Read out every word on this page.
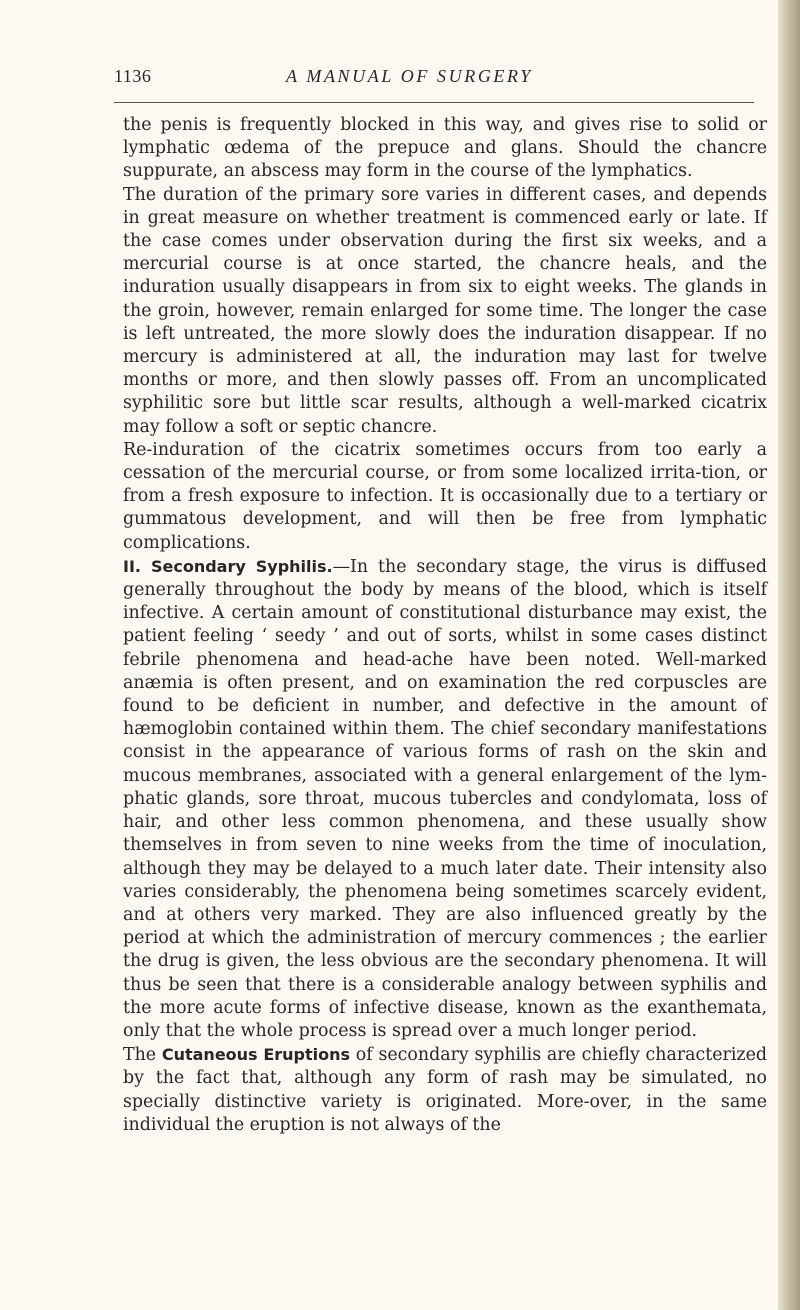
1136	A MANUAL OF SURGERY

the penis is frequently blocked in this way, and gives rise to solid or lymphatic œdema of the prepuce and glans. Should the chancre suppurate, an abscess may form in the course of the lymphatics.

The duration of the primary sore varies in different cases, and depends in great measure on whether treatment is commenced early or late. If the case comes under observation during the first six weeks, and a mercurial course is at once started, the chancre heals, and the induration usually disappears in from six to eight weeks. The glands in the groin, however, remain enlarged for some time. The longer the case is left untreated, the more slowly does the induration disappear. If no mercury is administered at all, the induration may last for twelve months or more, and then slowly passes off. From an uncomplicated syphilitic sore but little scar results, although a well-marked cicatrix may follow a soft or septic chancre.

Re-induration of the cicatrix sometimes occurs from too early a cessation of the mercurial course, or from some localized irrita-tion, or from a fresh exposure to infection. It is occasionally due to a tertiary or gummatous development, and will then be free from lymphatic complications.

II. Secondary Syphilis.—In the secondary stage, the virus is diffused generally throughout the body by means of the blood, which is itself infective. A certain amount of constitutional disturbance may exist, the patient feeling ‘ seedy ’ and out of sorts, whilst in some cases distinct febrile phenomena and head-ache have been noted. Well-marked anæmia is often present, and on examination the red corpuscles are found to be deficient in number, and defective in the amount of hæmoglobin contained within them. The chief secondary manifestations consist in the appearance of various forms of rash on the skin and mucous membranes, associated with a general enlargement of the lym-phatic glands, sore throat, mucous tubercles and condylomata, loss of hair, and other less common phenomena, and these usually show themselves in from seven to nine weeks from the time of inoculation, although they may be delayed to a much later date. Their intensity also varies considerably, the phenomena being sometimes scarcely evident, and at others very marked. They are also influenced greatly by the period at which the administration of mercury commences ; the earlier the drug is given, the less obvious are the secondary phenomena. It will thus be seen that there is a considerable analogy between syphilis and the more acute forms of infective disease, known as the exanthemata, only that the whole process is spread over a much longer period.

The Cutaneous Eruptions of secondary syphilis are chiefly characterized by the fact that, although any form of rash may be simulated, no specially distinctive variety is originated. More-over, in the same individual the eruption is not always of the
